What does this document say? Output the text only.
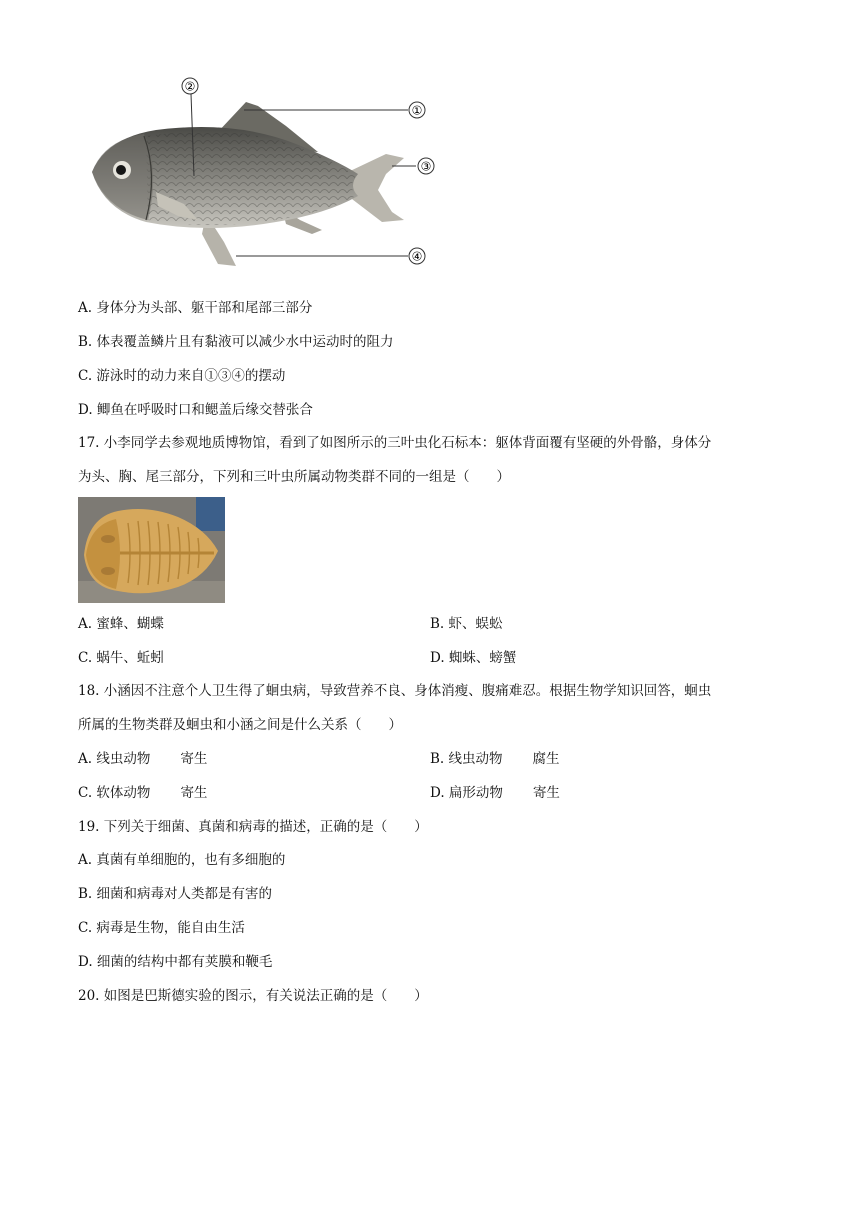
②
①
③
④
A. 身体分为头部、躯干部和尾部三部分
B. 体表覆盖鳞片且有黏液可以减少水中运动时的阻力
C. 游泳时的动力来自①③④的摆动
D. 鲫鱼在呼吸时口和鳃盖后缘交替张合
17. 小李同学去参观地质博物馆，看到了如图所示的三叶虫化石标本：躯体背面覆有坚硬的外骨骼，身体分
为头、胸、尾三部分，下列和三叶虫所属动物类群不同的一组是（　　）
A. 蜜蜂、蝴蝶	B. 虾、蜈蚣
C. 蜗牛、蚯蚓	D. 蜘蛛、螃蟹
18. 小涵因不注意个人卫生得了蛔虫病，导致营养不良、身体消瘦、腹痛难忍。根据生物学知识回答，蛔虫
所属的生物类群及蛔虫和小涵之间是什么关系（　　）
A. 线虫动物 寄生	B. 线虫动物 腐生
C. 软体动物 寄生	D. 扁形动物 寄生
19. 下列关于细菌、真菌和病毒的描述，正确的是（　　）
A. 真菌有单细胞的，也有多细胞的
B. 细菌和病毒对人类都是有害的
C. 病毒是生物，能自由生活
D. 细菌的结构中都有荚膜和鞭毛
20. 如图是巴斯德实验的图示，有关说法正确的是（　　）
